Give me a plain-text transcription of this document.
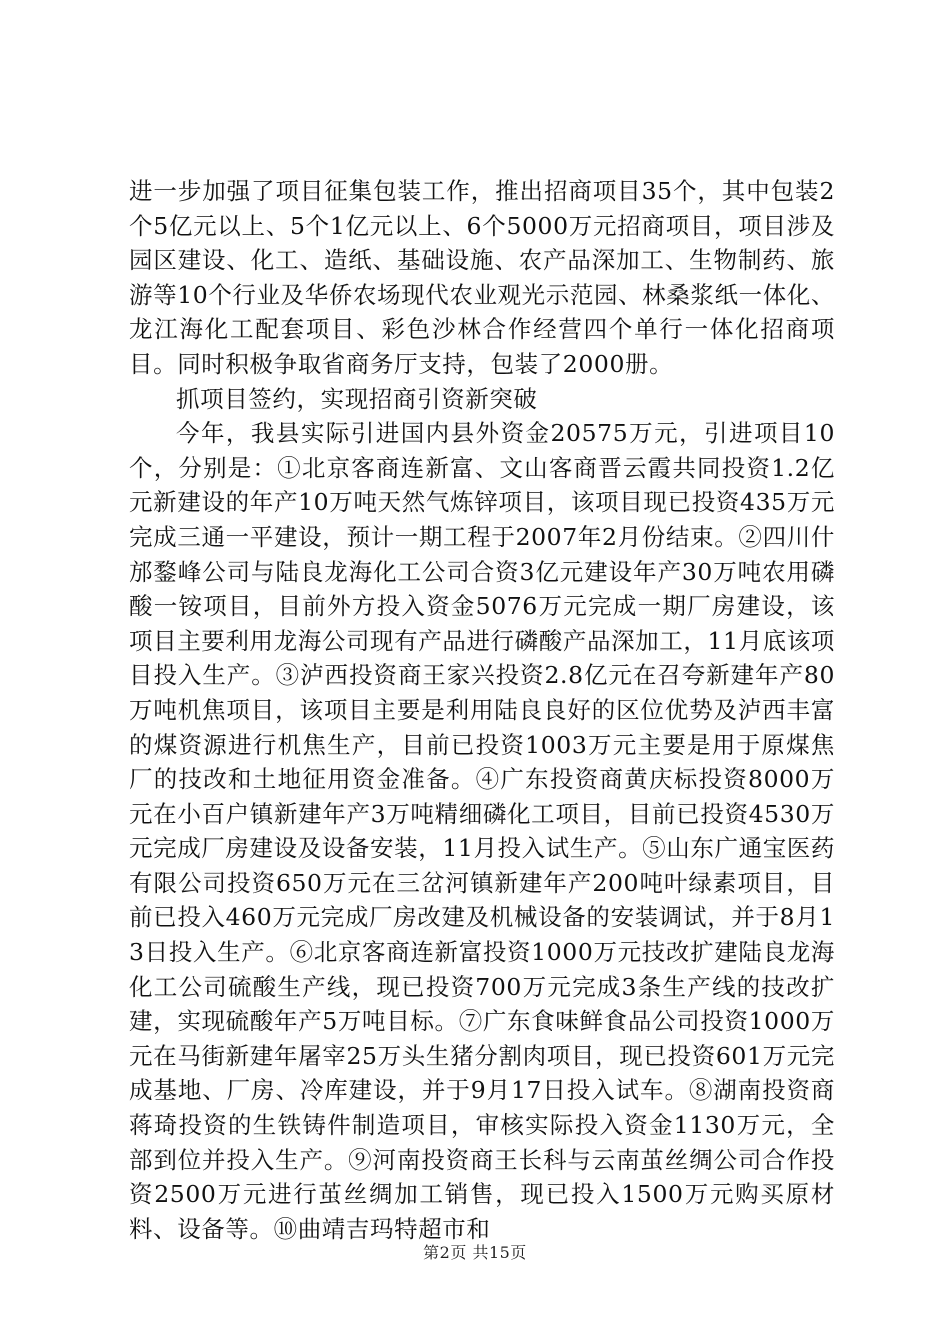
进一步加强了项目征集包装工作，推出招商项目35个，其中包装2个5亿元以上、5个1亿元以上、6个5000万元招商项目，项目涉及园区建设、化工、造纸、基础设施、农产品深加工、生物制药、旅游等10个行业及华侨农场现代农业观光示范园、林桑浆纸一体化、龙江海化工配套项目、彩色沙林合作经营四个单行一体化招商项目。同时积极争取省商务厅支持，包装了2000册。

抓项目签约，实现招商引资新突破

今年，我县实际引进国内县外资金20575万元，引进项目10个，分别是：①北京客商连新富、文山客商晋云霞共同投资1.2亿元新建设的年产10万吨天然气炼锌项目，该项目现已投资435万元完成三通一平建设，预计一期工程于2007年2月份结束。②四川什邡鍪峰公司与陆良龙海化工公司合资3亿元建设年产30万吨农用磷酸一铵项目，目前外方投入资金5076万元完成一期厂房建设，该项目主要利用龙海公司现有产品进行磷酸产品深加工，11月底该项目投入生产。③泸西投资商王家兴投资2.8亿元在召夸新建年产80万吨机焦项目，该项目主要是利用陆良良好的区位优势及泸西丰富的煤资源进行机焦生产，目前已投资1003万元主要是用于原煤焦厂的技改和土地征用资金准备。④广东投资商黄庆标投资8000万元在小百户镇新建年产3万吨精细磷化工项目，目前已投资4530万元完成厂房建设及设备安装，11月投入试生产。⑤山东广通宝医药有限公司投资650万元在三岔河镇新建年产200吨叶绿素项目，目前已投入460万元完成厂房改建及机械设备的安装调试，并于8月13日投入生产。⑥北京客商连新富投资1000万元技改扩建陆良龙海化工公司硫酸生产线，现已投资700万元完成3条生产线的技改扩建，实现硫酸年产5万吨目标。⑦广东食味鲜食品公司投资1000万元在马街新建年屠宰25万头生猪分割肉项目，现已投资601万元完成基地、厂房、冷库建设，并于9月17日投入试车。⑧湖南投资商蒋琦投资的生铁铸件制造项目，审核实际投入资金1130万元，全部到位并投入生产。⑨河南投资商王长科与云南茧丝绸公司合作投资2500万元进行茧丝绸加工销售，现已投入1500万元购买原材料、设备等。⑩曲靖吉玛特超市和

第2页 共15页
